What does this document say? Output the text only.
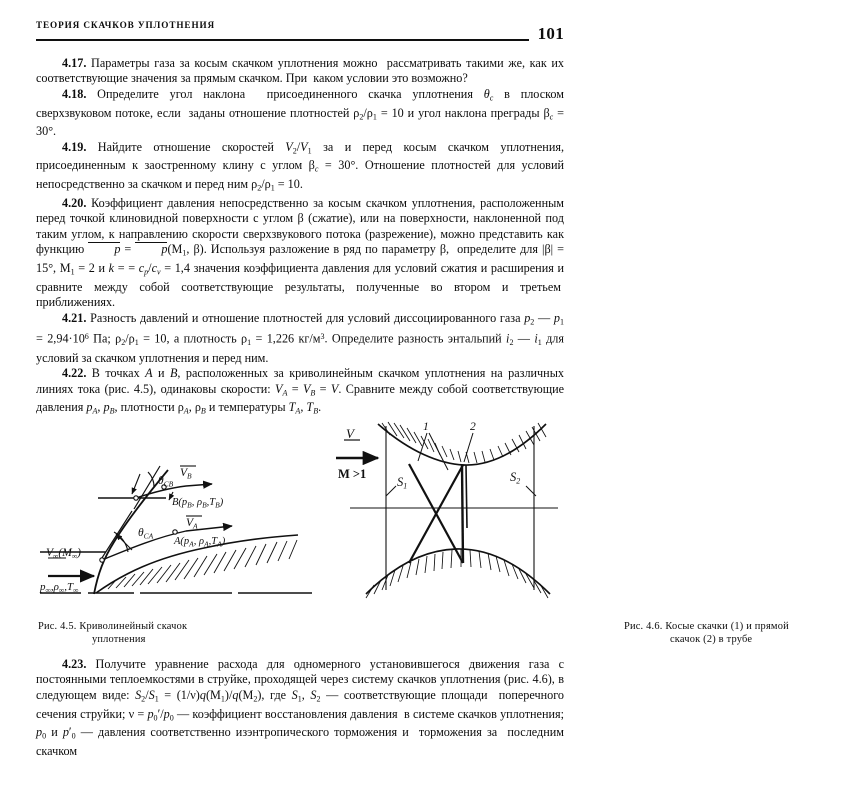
ТЕОРИЯ СКАЧКОВ УПЛОТНЕНИЯ	101

4.17. Параметры газа за косым скачком уплотнения можно  рассматривать такими же, как их соответствующие значения за прямым скачком. При  каком условии это возможно?

4.18. Определите угол наклона  присоединенного скачка уплотнения $\theta_c$ в плоском сверхзвуковом потоке, если  заданы отношение плотностей $\rho_2/\rho_1 = 10$ и угол наклона преграды $\beta_c = 30^\circ$.

4.19. Найдите отношение скоростей $V_2/V_1$ за и перед косым скачком уплотнения, присоединенным к заостренному клину с углом $\beta_c = 30^\circ$. Отношение плотностей для условий непосредственно за скачком и перед ним $\rho_2/\rho_1 = 10$.

4.20. Коэффициент давления непосредственно за косым скачком уплотнения, расположенным перед точкой клиновидной поверхности с углом β (сжатие), или на поверхности, наклоненной под таким углом, к направлению скорости сверхзвукового потока (разрежение), можно представить как функцию $p = p(M_1$, β). Используя разложение в ряд по параметру β,  определите для |β| = 15°, $M_1 = 2$ и k = = $c_p/c_v = 1,4$ значения коэффициента давления для условий сжатия и расширения и сравните между собой соответствующие результаты, полученные во втором и третьем  приближениях.

4.21. Разность давлений и отношение плотностей для условий диссоциированного газа $p_2$ — $p_1 = 2,94\cdot 10^6$ Па; $\rho_2/\rho_1 = 10$, а плотность $\rho_1 = 1,226$ $кг/м^3$. Определите разность энтальпий $i_2$ — $i_1$ для условий за скачком уплотнения и перед ним.

4.22. В точках A и B, расположенных за криволинейным скачком уплотнения на различных линиях тока (рис. 4.5), одинаковы скорости: $V_A = V_B = V$. Сравните между собой соответствующие давления $p_A$, $p_B$, плотности $\rho_A$, $\rho_B$ и температуры $T_A$, $T_B$.

$V_\infty(M_\infty)$
$p_\infty,\rho_\infty,T_\infty$
$\theta_{CA}$
$\theta_{CB}$
$V_A$
$V_B$
$A(p_A$, $\rho_A,T_A$)
$B(p_B$, $\rho_B,T_B$)
Рис. 4.5. Криволинейный скачок
уплотнения
V
M >1
1	2
$S_1$
$S_2$
Рис. 4.6. Косые скачки (1) и прямой
скачок (2) в трубе

4.23. Получите уравнение расхода для одномерного установившегося движения газа с постоянными теплоемкостями в струйке, проходящей через систему скачков уплотнения (рис. 4.6), в следующем виде: $S_2/S_1 = (1/\nu)q(M_1)/q(M_2)$, где $S_1$, $S_2$ — соответствующие площади  поперечного сечения струйки; $\nu = p_0'/p_0$ — коэффициент восстановления давления  в системе скачков уплотнения; $p_0$ и $p'_0$ — давления соответственно изэнтропического торможения и  торможения за  последним скачком
